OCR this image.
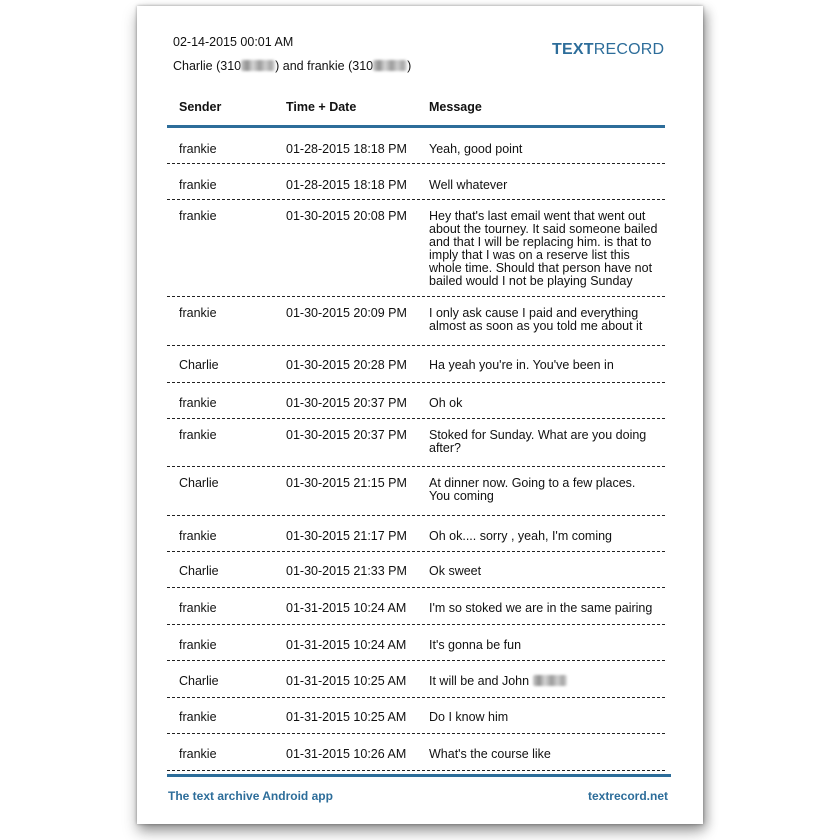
02-14-2015 00:01 AM
Charlie (310	) and frankie (310	)
TEXTRECORD
Sender	Time + Date	Message
frankie	01-28-2015 18:18 PM Yeah, good point
frankie	01-28-2015 18:18 PM Well whatever
frankie	01-30-2015 20:08 PM Hey that's last email went that went out about the tourney. It said someone bailed and that I will be replacing him. is that to imply that I was on a reserve list this whole time. Should that person have not bailed would I not be playing Sunday
frankie	01-30-2015 20:09 PM I only ask cause I paid and everything almost as soon as you told me about it
Charlie	01-30-2015 20:28 PM Ha yeah you're in. You've been in
frankie	01-30-2015 20:37 PM Oh ok
frankie	01-30-2015 20:37 PM Stoked for Sunday. What are you doing after?
Charlie	01-30-2015 21:15 PM At dinner now. Going to a few places. You coming
frankie	01-30-2015 21:17 PM Oh ok.... sorry , yeah, I'm coming
Charlie	01-30-2015 21:33 PM Ok sweet
frankie	01-31-2015 10:24 AM I'm so stoked we are in the same pairing
frankie	01-31-2015 10:24 AM It's gonna be fun
Charlie	01-31-2015 10:25 AM It will be and John
frankie	01-31-2015 10:25 AM Do I know him
frankie	01-31-2015 10:26 AM What's the course like
The text archive Android app	textrecord.net
